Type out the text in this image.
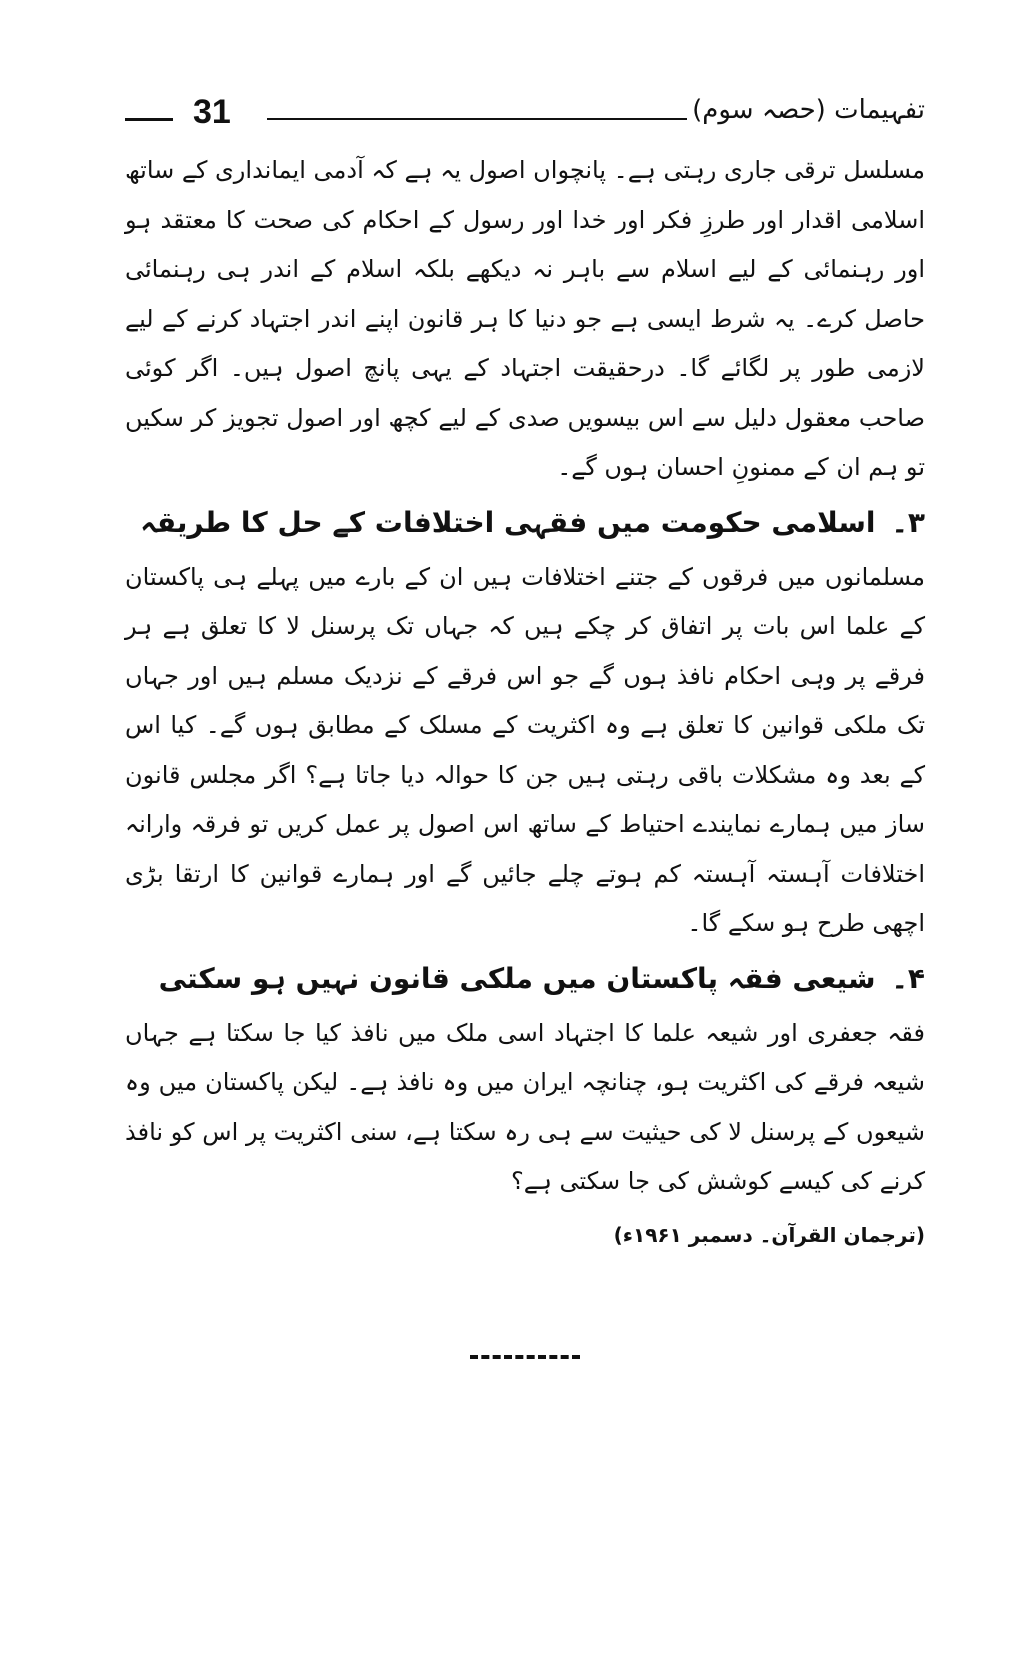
31	تفہیمات (حصہ سوم)

مسلسل ترقی جاری رہتی ہے۔ پانچواں اصول یہ ہے کہ آدمی ایمانداری کے ساتھ اسلامی اقدار اور طرزِ فکر اور خدا اور رسول کے احکام کی صحت کا معتقد ہو اور رہنمائی کے لیے اسلام سے باہر نہ دیکھے بلکہ اسلام کے اندر ہی رہنمائی حاصل کرے۔ یہ شرط ایسی ہے جو دنیا کا ہر قانون اپنے اندر اجتہاد کرنے کے لیے لازمی طور پر لگائے گا۔ درحقیقت اجتہاد کے یہی پانچ اصول ہیں۔ اگر کوئی صاحب معقول دلیل سے اس بیسویں صدی کے لیے کچھ اور اصول تجویز کر سکیں تو ہم ان کے ممنونِ احسان ہوں گے۔

۳۔اسلامی حکومت میں فقہی اختلافات کے حل کا طریقہ

مسلمانوں میں فرقوں کے جتنے اختلافات ہیں ان کے بارے میں پہلے ہی پاکستان کے علما اس بات پر اتفاق کر چکے ہیں کہ جہاں تک پرسنل لا کا تعلق ہے ہر فرقے پر وہی احکام نافذ ہوں گے جو اس فرقے کے نزدیک مسلم ہیں اور جہاں تک ملکی قوانین کا تعلق ہے وہ اکثریت کے مسلک کے مطابق ہوں گے۔ کیا اس کے بعد وہ مشکلات باقی رہتی ہیں جن کا حوالہ دیا جاتا ہے؟ اگر مجلس قانون ساز میں ہمارے نمایندے احتیاط کے ساتھ اس اصول پر عمل کریں تو فرقہ وارانہ اختلافات آہستہ آہستہ کم ہوتے چلے جائیں گے اور ہمارے قوانین کا ارتقا بڑی اچھی طرح ہو سکے گا۔

۴۔شیعی فقہ پاکستان میں ملکی قانون نہیں ہو سکتی

فقہ جعفری اور شیعہ علما کا اجتہاد اسی ملک میں نافذ کیا جا سکتا ہے جہاں شیعہ فرقے کی اکثریت ہو، چنانچہ ایران میں وہ نافذ ہے۔ لیکن پاکستان میں وہ شیعوں کے پرسنل لا کی حیثیت سے ہی رہ سکتا ہے، سنی اکثریت پر اس کو نافذ کرنے کی کیسے کوشش کی جا سکتی ہے؟

(ترجمان القرآن۔ دسمبر ۱۹۶۱ء)
